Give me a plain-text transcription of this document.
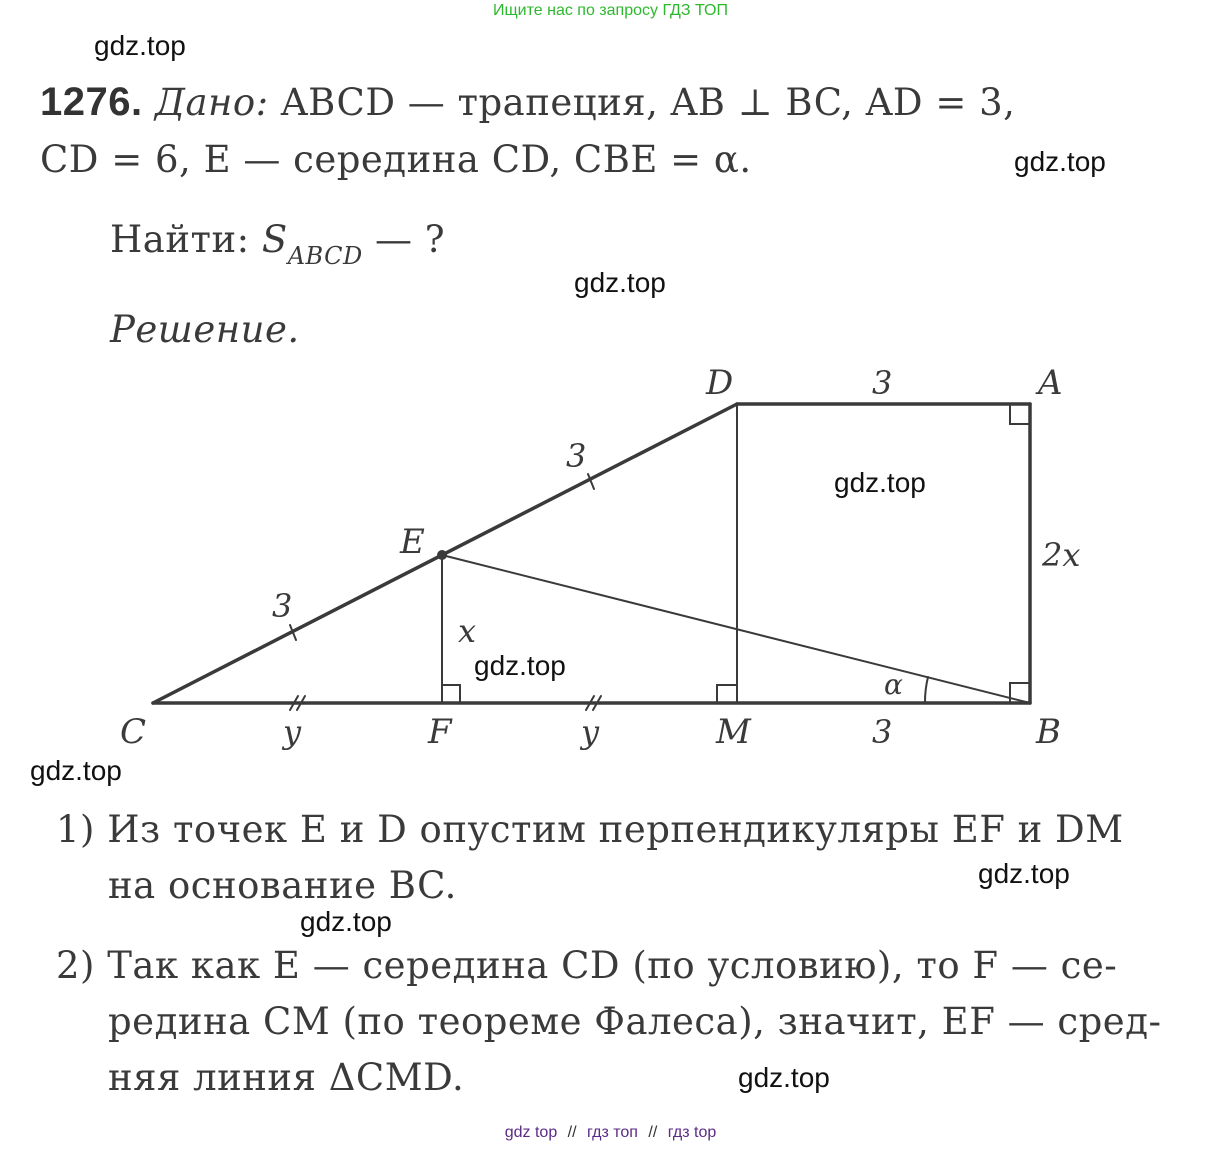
Ищите нас по запросу ГДЗ ТОП
gdz.top
gdz.top
gdz.top
gdz.top
gdz.top
gdz.top
gdz.top
gdz.top
gdz.top
1276. Дано: ABCD — трапеция, AB ⊥ BC, AD = 3,
CD = 6, E — середина CD, CBE = α.
Найти: $S_{ABCD}$ — ?
Решение.
C	F	M	B
E
D	A
3
3
3
2x
x
y	y	3
α
1) Из точек E и D опустим перпендикуляры EF и DM
на основание BC.
2) Так как E — середина CD (по условию), то F — се-
редина CM (по теореме Фалеса), значит, EF — сред-
няя линия ΔCMD.
gdz top // гдз топ // гдз top
